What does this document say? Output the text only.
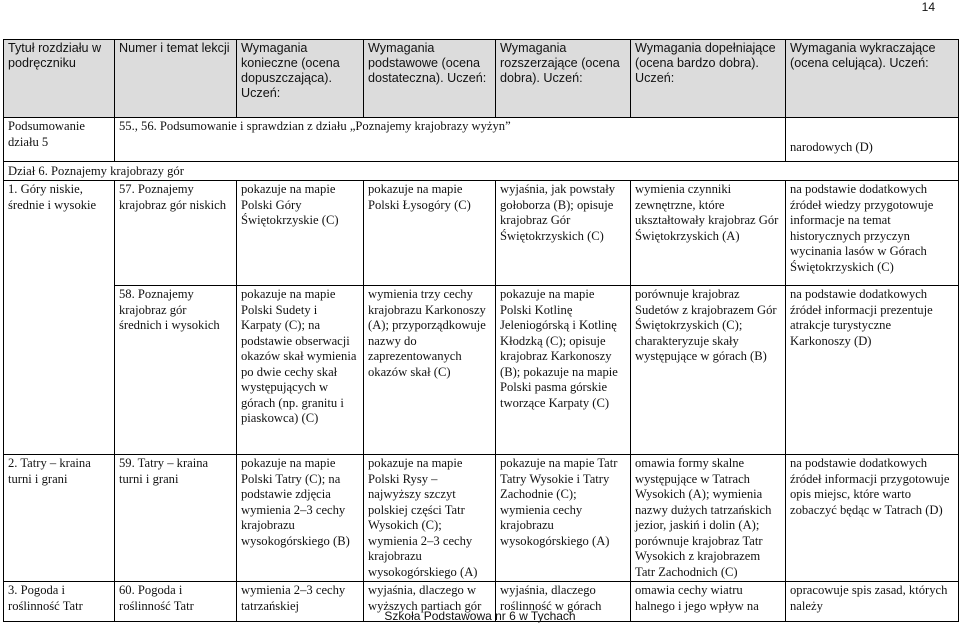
14
Tytuł rozdziału w podręczniku	Numer i temat lekcji	Wymagania konieczne (ocena dopuszczająca). Uczeń:	Wymagania podstawowe (ocena dostateczna). Uczeń:	Wymagania rozszerzające (ocena dobra). Uczeń:	Wymagania dopełniające (ocena bardzo dobra). Uczeń:	Wymagania wykraczające (ocena celująca). Uczeń:
Podsumowanie działu 5	55., 56. Podsumowanie i sprawdzian z działu „Poznajemy krajobrazy wyżyn”					narodowych (D)
Dział 6. Poznajemy krajobrazy gór						
1. Góry niskie, średnie i wysokie	57. Poznajemy krajobraz gór niskich	pokazuje na mapie Polski Góry Świętokrzyskie (C)	pokazuje na mapie Polski Łysogóry (C)	wyjaśnia, jak powstały gołoborza (B); opisuje krajobraz Gór Świętokrzyskich (C)	wymienia czynniki zewnętrzne, które ukształtowały krajobraz Gór Świętokrzyskich (A)	na podstawie dodatkowych źródeł wiedzy przygotowuje informacje na temat historycznych przyczyn wycinania lasów w Górach Świętokrzyskich (C)
	58. Poznajemy krajobraz gór średnich i wysokich	pokazuje na mapie Polski Sudety i Karpaty (C); na podstawie obserwacji okazów skał wymienia po dwie cechy skał występujących w górach (np. granitu i piaskowca) (C)	wymienia trzy cechy krajobrazu Karkonoszy (A); przyporządkowuje nazwy do zaprezentowanych okazów skał (C)	pokazuje na mapie Polski Kotlinę Jeleniogórską i Kotlinę Kłodzką (C); opisuje krajobraz Karkonoszy (B); pokazuje na mapie Polski pasma górskie tworzące Karpaty (C)	porównuje krajobraz Sudetów z krajobrazem Gór Świętokrzyskich (C); charakteryzuje skały występujące w górach (B)	na podstawie dodatkowych źródeł informacji prezentuje atrakcje turystyczne Karkonoszy (D)
2. Tatry – kraina turni i grani	59. Tatry – kraina turni i grani	pokazuje na mapie Polski Tatry (C); na podstawie zdjęcia wymienia 2–3 cechy krajobrazu wysokogórskiego (B)	pokazuje na mapie Polski Rysy – najwyższy szczyt polskiej części Tatr Wysokich (C); wymienia 2–3 cechy krajobrazu wysokogórskiego (A)	pokazuje na mapie Tatr Tatry Wysokie i Tatry Zachodnie (C); wymienia cechy krajobrazu wysokogórskiego (A)	omawia formy skalne występujące w Tatrach Wysokich (A); wymienia nazwy dużych tatrzańskich jezior, jaskiń i dolin (A); porównuje krajobraz Tatr Wysokich z krajobrazem Tatr Zachodnich (C)	na podstawie dodatkowych źródeł informacji przygotowuje opis miejsc, które warto zobaczyć będąc w Tatrach (D)
3. Pogoda i roślinność Tatr	60. Pogoda i roślinność Tatr	wymienia 2–3 cechy tatrzańskiej	wyjaśnia, dlaczego w wyższych partiach gór	wyjaśnia, dlaczego roślinność w górach	omawia cechy wiatru halnego i jego wpływ na	opracowuje spis zasad, których należy
Szkoła Podstawowa nr 6 w Tychach
